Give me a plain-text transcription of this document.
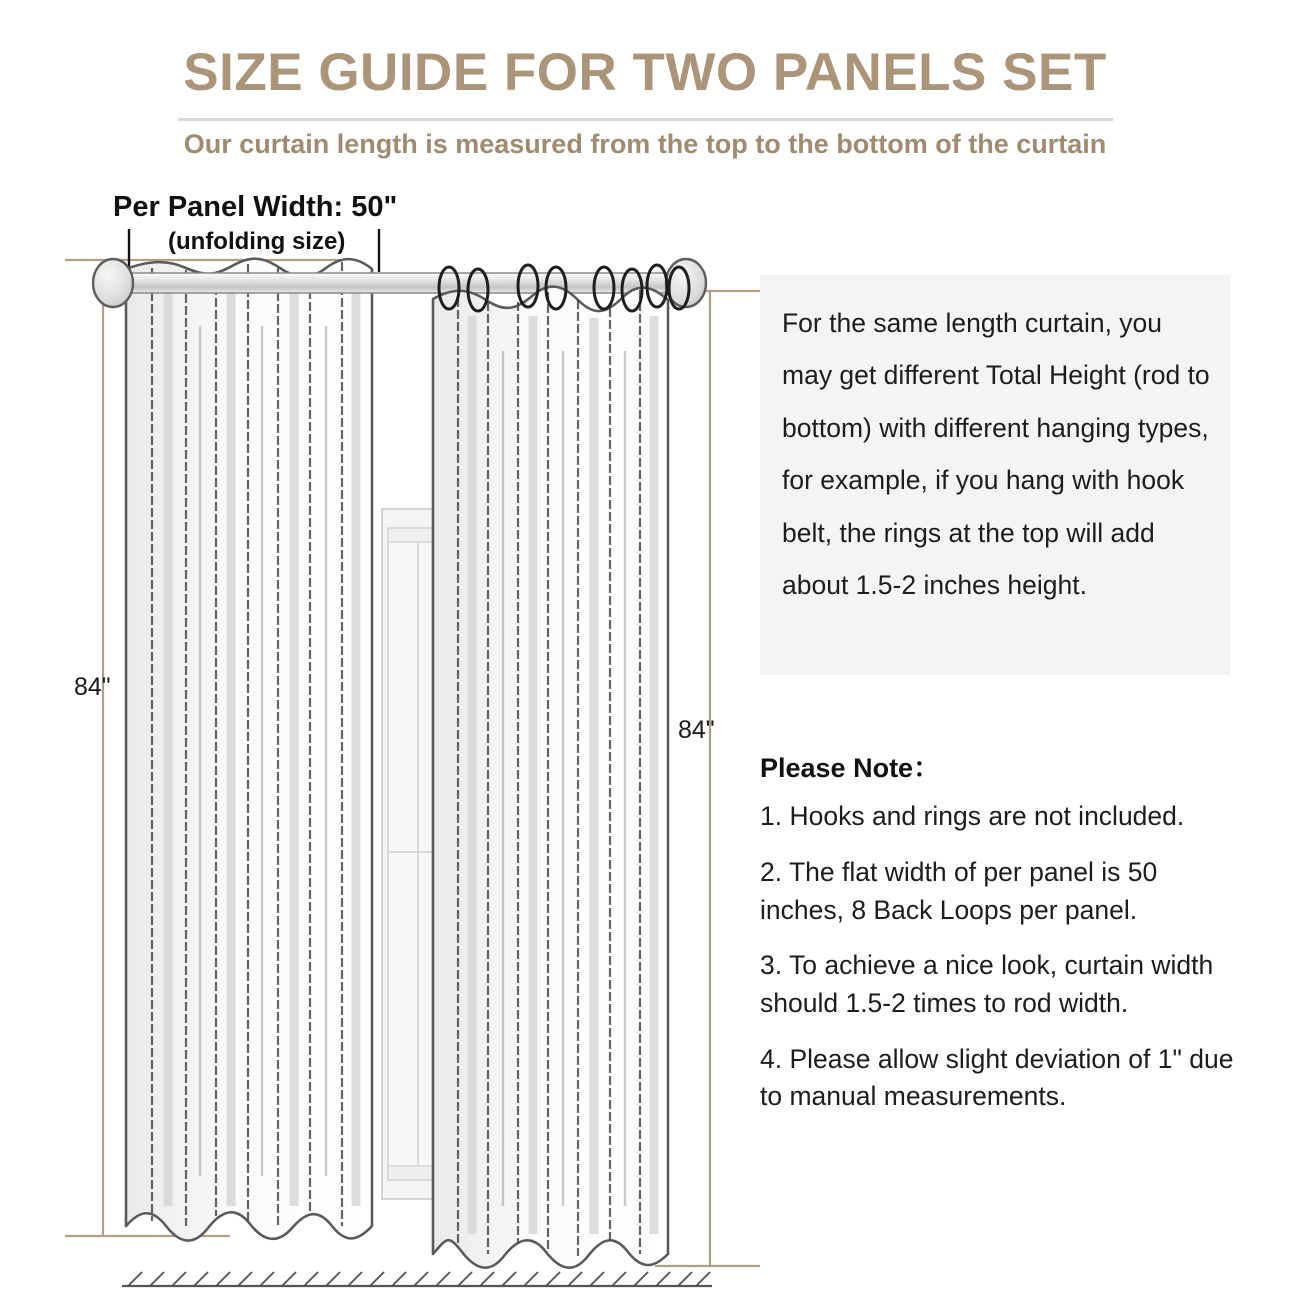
SIZE GUIDE FOR TWO PANELS SET
Our curtain length is measured from the top to the bottom of the curtain
Per Panel Width: 50"
(unfolding size)
84"
84"
For the same length curtain, you may get different Total Height (rod to bottom) with different hanging types, for example, if you hang with hook belt, the rings at the top will add about 1.5-2 inches height.
Please Note：
1. Hooks and rings are not included.
2. The flat width of per panel is 50 inches, 8 Back Loops per panel.
3. To achieve a nice look, curtain width should 1.5-2 times to rod width.
4. Please allow slight deviation of 1" due to manual measurements.
